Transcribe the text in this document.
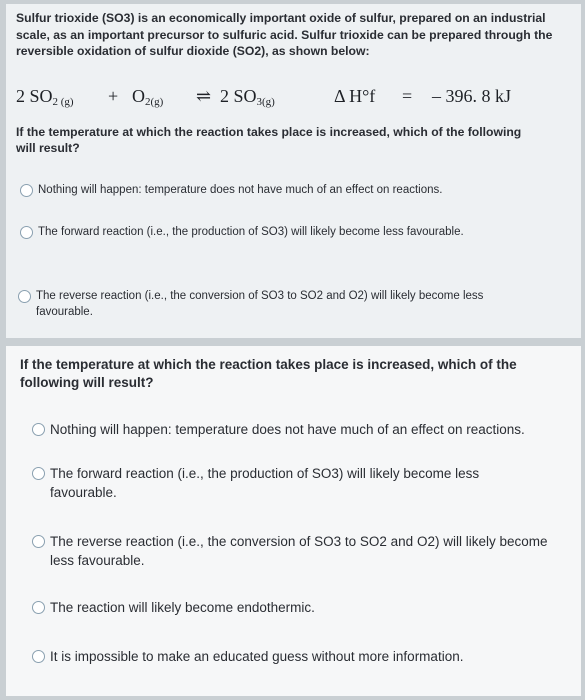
Sulfur trioxide (SO3) is an economically important oxide of sulfur, prepared on an industrial scale, as an important precursor to sulfuric acid. Sulfur trioxide can be prepared through the reversible oxidation of sulfur dioxide (SO2), as shown below:
2 $SO_{2 (g)} + O_{2(g)}$ ⇌ 2 $SO_{3(g)}$	Δ H°f = – 396. 8 kJ
If the temperature at which the reaction takes place is increased, which of the following will result?
Nothing will happen: temperature does not have much of an effect on reactions.
The forward reaction (i.e., the production of SO3) will likely become less favourable.
The reverse reaction (i.e., the conversion of SO3 to SO2 and O2) will likely become less favourable.
If the temperature at which the reaction takes place is increased, which of the following will result?
Nothing will happen: temperature does not have much of an effect on reactions.
The forward reaction (i.e., the production of SO3) will likely become less favourable.
The reverse reaction (i.e., the conversion of SO3 to SO2 and O2) will likely become less favourable.
The reaction will likely become endothermic.
It is impossible to make an educated guess without more information.
